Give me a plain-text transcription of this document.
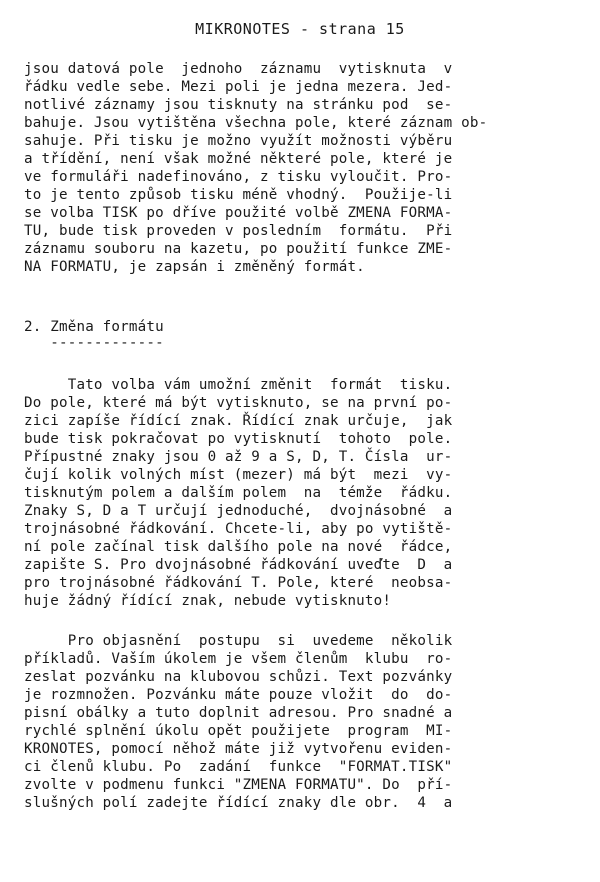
MIKRONOTES - strana 15
jsou datová pole  jednoho  záznamu  vytisknuta  v
řádku vedle sebe. Mezi poli je jedna mezera. Jed-
notlivé záznamy jsou tisknuty na stránku pod  se-
bahuje. Jsou vytištěna všechna pole, které záznam ob-
sahuje. Při tisku je možno využít možnosti výběru
a třídění, není však možné některé pole, které je
ve formuláři nadefinováno, z tisku vyloučit. Pro-
to je tento způsob tisku méně vhodný.  Použije-li
se volba TISK po dříve použité volbě ZMENA FORMA-
TU, bude tisk proveden v posledním  formátu.  Při
záznamu souboru na kazetu, po použití funkce ZME-
NA FORMATU, je zapsán i změněný formát.
2. Změna formátu
-------------
Tato volba vám umožní změnit  formát  tisku.
Do pole, které má být vytisknuto, se na první po-
zici zapíše řídící znak. Řídící znak určuje,  jak
bude tisk pokračovat po vytisknutí  tohoto  pole.
Přípustné znaky jsou 0 až 9 a S, D, T. Čísla  ur-
čují kolik volných míst (mezer) má být  mezi  vy-
tisknutým polem a dalším polem  na  témže  řádku.
Znaky S, D a T určují jednoduché,  dvojnásobné  a
trojnásobné řádkování. Chcete-li, aby po vytiště-
ní pole začínal tisk dalšího pole na nové  řádce,
zapište S. Pro dvojnásobné řádkování uveďte  D  a
pro trojnásobné řádkování T. Pole, které  neobsa-
huje žádný řídící znak, nebude vytisknuto!
Pro objasnění  postupu  si  uvedeme  několik
příkladů. Vaším úkolem je všem členům  klubu  ro-
zeslat pozvánku na klubovou schůzi. Text pozvánky
je rozmnožen. Pozvánku máte pouze vložit  do  do-
pisní obálky a tuto doplnit adresou. Pro snadné a
rychlé splnění úkolu opět použijete  program  MI-
KRONOTES, pomocí něhož máte již vytvořenu eviden-
ci členů klubu. Po  zadání  funkce  "FORMAT.TISK"
zvolte v podmenu funkci "ZMENA FORMATU". Do  pří-
slušných polí zadejte řídící znaky dle obr.  4  a
